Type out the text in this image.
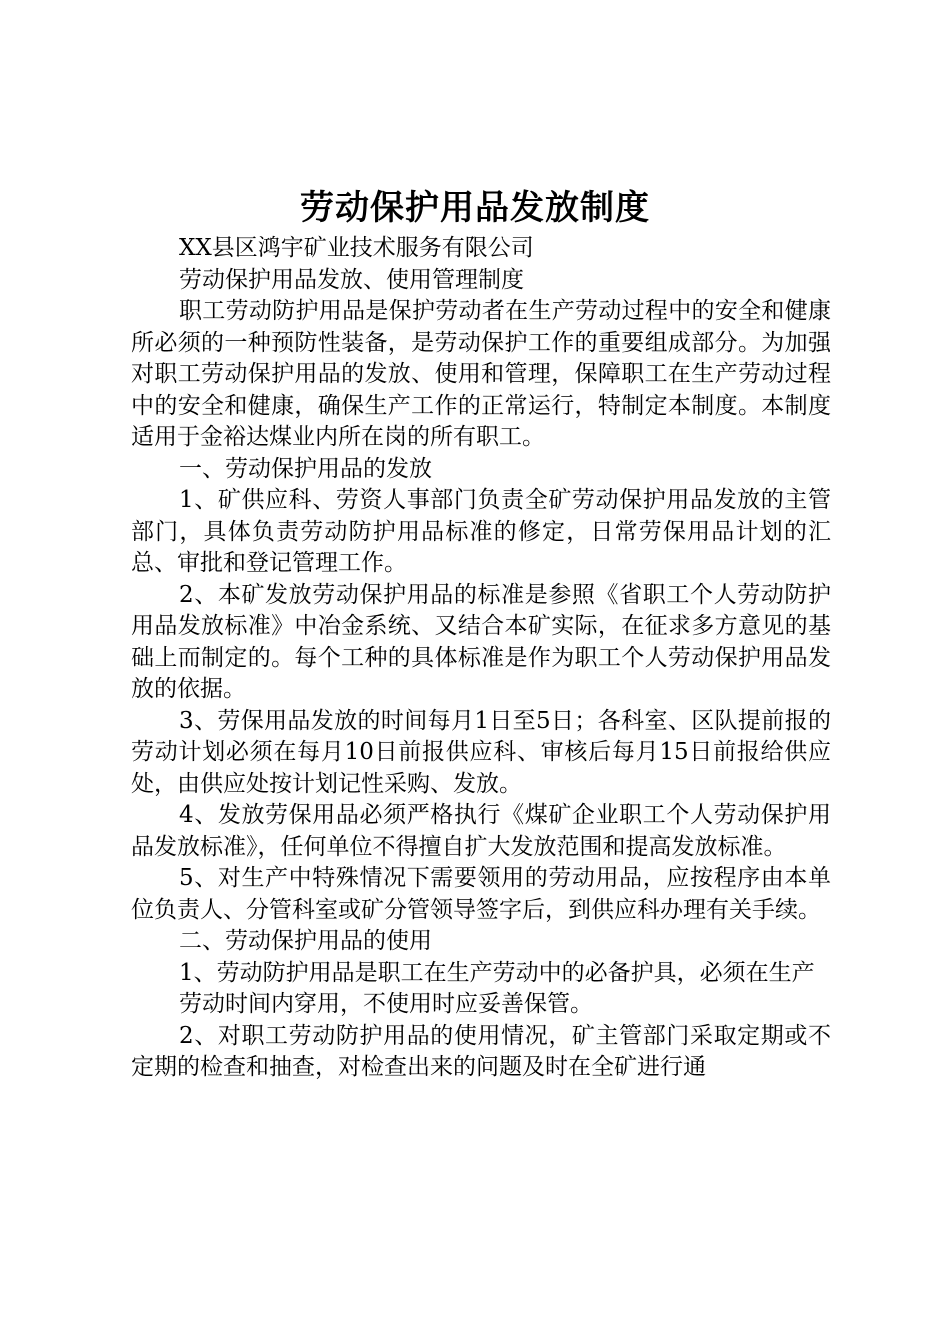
劳动保护用品发放制度

XX县区鸿宇矿业技术服务有限公司

劳动保护用品发放、使用管理制度

职工劳动防护用品是保护劳动者在生产劳动过程中的安全和健康所必须的一种预防性装备，是劳动保护工作的重要组成部分。为加强对职工劳动保护用品的发放、使用和管理，保障职工在生产劳动过程中的安全和健康，确保生产工作的正常运行，特制定本制度。本制度适用于金裕达煤业内所在岗的所有职工。

一、劳动保护用品的发放

1、矿供应科、劳资人事部门负责全矿劳动保护用品发放的主管部门，具体负责劳动防护用品标准的修定，日常劳保用品计划的汇总、审批和登记管理工作。

2、本矿发放劳动保护用品的标准是参照《省职工个人劳动防护用品发放标准》中冶金系统、又结合本矿实际，在征求多方意见的基础上而制定的。每个工种的具体标准是作为职工个人劳动保护用品发放的依据。

3、劳保用品发放的时间每月1日至5日；各科室、区队提前报的劳动计划必须在每月10日前报供应科、审核后每月15日前报给供应处，由供应处按计划记性采购、发放。

4、发放劳保用品必须严格执行《煤矿企业职工个人劳动保护用品发放标准》，任何单位不得擅自扩大发放范围和提高发放标准。

5、对生产中特殊情况下需要领用的劳动用品，应按程序由本单位负责人、分管科室或矿分管领导签字后，到供应科办理有关手续。

二、劳动保护用品的使用

1、劳动防护用品是职工在生产劳动中的必备护具，必须在生产

劳动时间内穿用，不使用时应妥善保管。

2、对职工劳动防护用品的使用情况，矿主管部门采取定期或不定期的检查和抽查，对检查出来的问题及时在全矿进行通
